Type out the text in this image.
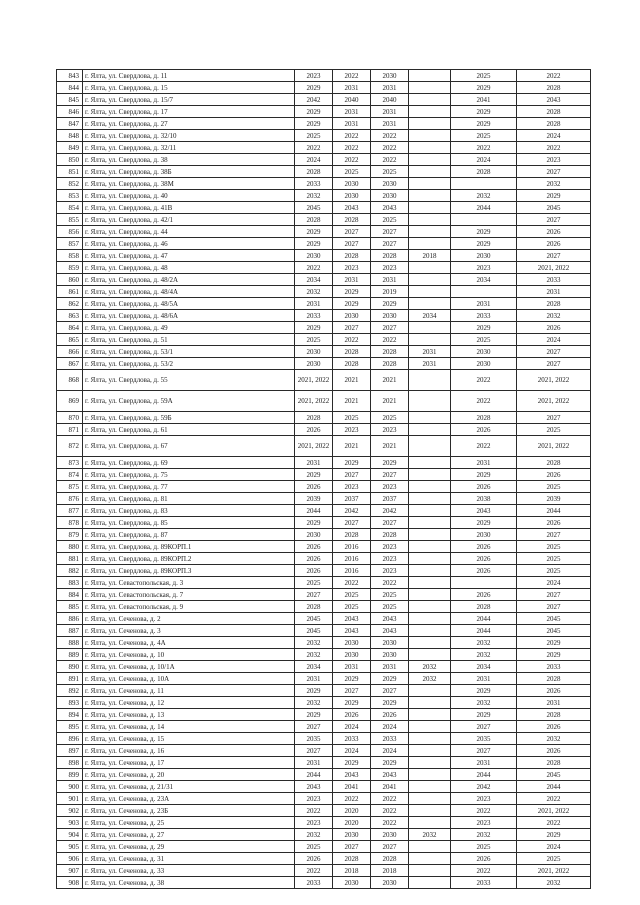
843	г. Ялта, ул. Свердлова, д. 11	2023	2022	2030		2025	2022
844	г. Ялта, ул. Свердлова, д. 15	2029	2031	2031		2029	2028
845	г. Ялта, ул. Свердлова, д. 15/7	2042	2040	2040		2041	2043
846	г. Ялта, ул. Свердлова, д. 17	2029	2031	2031		2029	2028
847	г. Ялта, ул. Свердлова, д. 27	2029	2031	2031		2029	2028
848	г. Ялта, ул. Свердлова, д. 32/10	2025	2022	2022		2025	2024
849	г. Ялта, ул. Свердлова, д. 32/11	2022	2022	2022		2022	2022
850	г. Ялта, ул. Свердлова, д. 38	2024	2022	2022		2024	2023
851	г. Ялта, ул. Свердлова, д. 38Б	2028	2025	2025		2028	2027
852	г. Ялта, ул. Свердлова, д. 38М	2033	2030	2030			2032
853	г. Ялта, ул. Свердлова, д. 40	2032	2030	2030		2032	2029
854	г. Ялта, ул. Свердлова, д. 41В	2045	2043	2043		2044	2045
855	г. Ялта, ул. Свердлова, д. 42/1	2028	2028	2025			2027
856	г. Ялта, ул. Свердлова, д. 44	2029	2027	2027		2029	2026
857	г. Ялта, ул. Свердлова, д. 46	2029	2027	2027		2029	2026
858	г. Ялта, ул. Свердлова, д. 47	2030	2028	2028	2018	2030	2027
859	г. Ялта, ул. Свердлова, д. 48	2022	2023	2023		2023	2021, 2022
860	г. Ялта, ул. Свердлова, д. 48/2А	2034	2031	2031		2034	2033
861	г. Ялта, ул. Свердлова, д. 48/4А	2032	2029	2019			2031
862	г. Ялта, ул. Свердлова, д. 48/5А	2031	2029	2029		2031	2028
863	г. Ялта, ул. Свердлова, д. 48/6А	2033	2030	2030	2034	2033	2032
864	г. Ялта, ул. Свердлова, д. 49	2029	2027	2027		2029	2026
865	г. Ялта, ул. Свердлова, д. 51	2025	2022	2022		2025	2024
866	г. Ялта, ул. Свердлова, д. 53/1	2030	2028	2028	2031	2030	2027
867	г. Ялта, ул. Свердлова, д. 53/2	2030	2028	2028	2031	2030	2027
868	г. Ялта, ул. Свердлова, д. 55	2021, 2022	2021	2021		2022	2021, 2022
869	г. Ялта, ул. Свердлова, д. 59А	2021, 2022	2021	2021		2022	2021, 2022
870	г. Ялта, ул. Свердлова, д. 59Б	2028	2025	2025		2028	2027
871	г. Ялта, ул. Свердлова, д. 61	2026	2023	2023		2026	2025
872	г. Ялта, ул. Свердлова, д. 67	2021, 2022	2021	2021		2022	2021, 2022
873	г. Ялта, ул. Свердлова, д. 69	2031	2029	2029		2031	2028
874	г. Ялта, ул. Свердлова, д. 75	2029	2027	2027		2029	2026
875	г. Ялта, ул. Свердлова, д. 77	2026	2023	2023		2026	2025
876	г. Ялта, ул. Свердлова, д. 81	2039	2037	2037		2038	2039
877	г. Ялта, ул. Свердлова, д. 83	2044	2042	2042		2043	2044
878	г. Ялта, ул. Свердлова, д. 85	2029	2027	2027		2029	2026
879	г. Ялта, ул. Свердлова, д. 87	2030	2028	2028		2030	2027
880	г. Ялта, ул. Свердлова, д. 89КОРП.1	2026	2016	2023		2026	2025
881	г. Ялта, ул. Свердлова, д. 89КОРП.2	2026	2016	2023		2026	2025
882	г. Ялта, ул. Свердлова, д. 89КОРП.3	2026	2016	2023		2026	2025
883	г. Ялта, ул. Севастопольская, д. 3	2025	2022	2022			2024
884	г. Ялта, ул. Севастопольская, д. 7	2027	2025	2025		2026	2027
885	г. Ялта, ул. Севастопольская, д. 9	2028	2025	2025		2028	2027
886	г. Ялта, ул. Сеченова, д. 2	2045	2043	2043		2044	2045
887	г. Ялта, ул. Сеченова, д. 3	2045	2043	2043		2044	2045
888	г. Ялта, ул. Сеченова, д. 4А	2032	2030	2030		2032	2029
889	г. Ялта, ул. Сеченова, д. 10	2032	2030	2030		2032	2029
890	г. Ялта, ул. Сеченова, д. 10/1А	2034	2031	2031	2032	2034	2033
891	г. Ялта, ул. Сеченова, д. 10А	2031	2029	2029	2032	2031	2028
892	г. Ялта, ул. Сеченова, д. 11	2029	2027	2027		2029	2026
893	г. Ялта, ул. Сеченова, д. 12	2032	2029	2029		2032	2031
894	г. Ялта, ул. Сеченова, д. 13	2029	2026	2026		2029	2028
895	г. Ялта, ул. Сеченова, д. 14	2027	2024	2024		2027	2026
896	г. Ялта, ул. Сеченова, д. 15	2035	2033	2033		2035	2032
897	г. Ялта, ул. Сеченова, д. 16	2027	2024	2024		2027	2026
898	г. Ялта, ул. Сеченова, д. 17	2031	2029	2029		2031	2028
899	г. Ялта, ул. Сеченова, д. 20	2044	2043	2043		2044	2045
900	г. Ялта, ул. Сеченова, д. 21/31	2043	2041	2041		2042	2044
901	г. Ялта, ул. Сеченова, д. 23А	2023	2022	2022		2023	2022
902	г. Ялта, ул. Сеченова, д. 23Б	2022	2020	2022		2022	2021, 2022
903	г. Ялта, ул. Сеченова, д. 25	2023	2020	2022		2023	2022
904	г. Ялта, ул. Сеченова, д. 27	2032	2030	2030	2032	2032	2029
905	г. Ялта, ул. Сеченова, д. 29	2025	2027	2027		2025	2024
906	г. Ялта, ул. Сеченова, д. 31	2026	2028	2028		2026	2025
907	г. Ялта, ул. Сеченова, д. 33	2022	2018	2018		2022	2021, 2022
908	г. Ялта, ул. Сеченова, д. 38	2033	2030	2030		2033	2032
